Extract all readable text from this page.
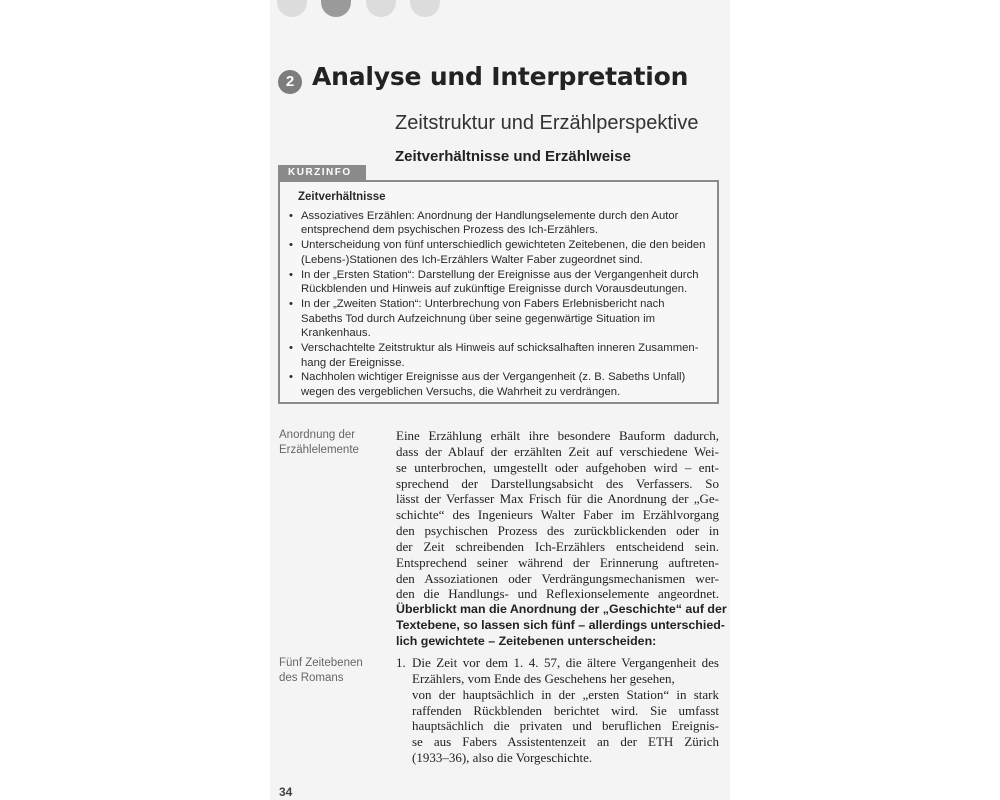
2 Analyse und Interpretation
Zeitstruktur und Erzählperspektive
Zeitverhältnisse und Erzählweise
KURZINFO
Zeitverhältnisse
• Assoziatives Erzählen: Anordnung der Handlungselemente durch den Autor entsprechend dem psychischen Prozess des Ich-Erzählers.
• Unterscheidung von fünf unterschiedlich gewichteten Zeitebenen, die den beiden (Lebens-)Stationen des Ich-Erzählers Walter Faber zugeordnet sind.
• In der „Ersten Station“: Darstellung der Ereignisse aus der Vergangenheit durch Rückblenden und Hinweis auf zukünftige Ereignisse durch Vorausdeutungen.
• In der „Zweiten Station“: Unterbrechung von Fabers Erlebnisbericht nach Sabeths Tod durch Aufzeichnung über seine gegenwärtige Situation im Krankenhaus.
• Verschachtelte Zeitstruktur als Hinweis auf schicksalhaften inneren Zusammenhang der Ereignisse.
• Nachholen wichtiger Ereignisse aus der Vergangenheit (z. B. Sabeths Unfall) wegen des vergeblichen Versuchs, die Wahrheit zu verdrängen.
Anordnung der Erzählelemente
Fünf Zeitebenen des Romans
Eine Erzählung erhält ihre besondere Bauform dadurch,
dass der Ablauf der erzählten Zeit auf verschiedene Wei-
se unterbrochen, umgestellt oder aufgehoben wird – ent-
sprechend der Darstellungsabsicht des Verfassers. So
lässt der Verfasser Max Frisch für die Anordnung der „Ge-
schichte“ des Ingenieurs Walter Faber im Erzählvorgang
den psychischen Prozess des zurückblickenden oder in
der Zeit schreibenden Ich-Erzählers entscheidend sein.
Entsprechend seiner während der Erinnerung auftreten-
den Assoziationen oder Verdrängungsmechanismen wer-
den die Handlungs- und Reflexionselemente angeordnet.
Überblickt man die Anordnung der „Geschichte“ auf der
Textebene, so lassen sich fünf – allerdings unterschied-
lich gewichtete – Zeitebenen unterscheiden:
1. Die Zeit vor dem 1. 4. 57, die ältere Vergangenheit des
Erzählers, vom Ende des Geschehens her gesehen,
von der hauptsächlich in der „ersten Station“ in stark
raffenden Rückblenden berichtet wird. Sie umfasst
hauptsächlich die privaten und beruflichen Ereignis-
se aus Fabers Assistentenzeit an der ETH Zürich
(1933–36), also die Vorgeschichte.
34
